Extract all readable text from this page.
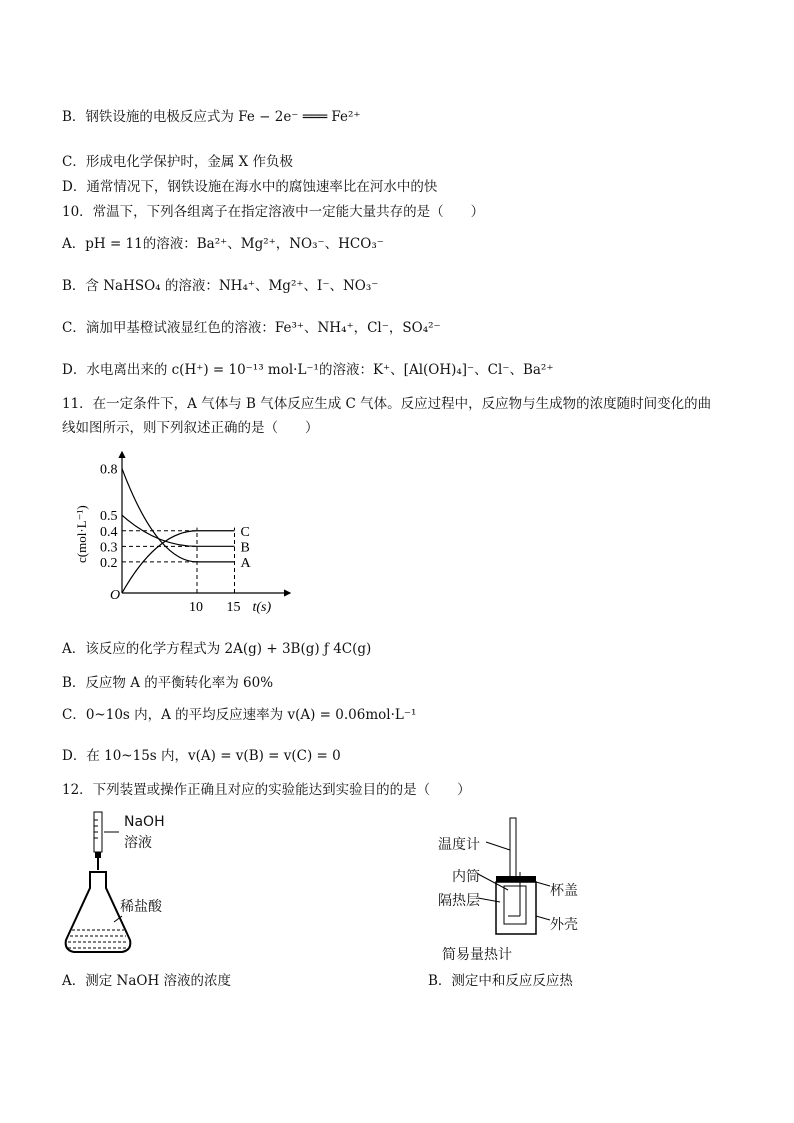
B．钢铁设施的电极反应式为 Fe − 2e⁻ ═══ Fe²⁺
C．形成电化学保护时，金属 X 作负极
D．通常情况下，钢铁设施在海水中的腐蚀速率比在河水中的快
10．常温下，下列各组离子在指定溶液中一定能大量共存的是（　　）
A．pH = 11的溶液：Ba²⁺、Mg²⁺，NO₃⁻、HCO₃⁻
B．含 NaHSO₄ 的溶液：NH₄⁺、Mg²⁺、I⁻、NO₃⁻
C．滴加甲基橙试液显红色的溶液：Fe³⁺、NH₄⁺，Cl⁻，SO₄²⁻
D．水电离出来的 c(H⁺) = 10⁻¹³ mol·L⁻¹的溶液：K⁺、[Al(OH)₄]⁻、Cl⁻、Ba²⁺
11．在一定条件下，A 气体与 B 气体反应生成 C 气体。反应过程中，反应物与生成物的浓度随时间变化的曲
线如图所示，则下列叙述正确的是（　　）
A．该反应的化学方程式为 2A(g) + 3B(g) ƒ 4C(g)
B．反应物 A 的平衡转化率为 60%
C．0~10s 内，A 的平均反应速率为 v(A) = 0.06mol·L⁻¹
D．在 10~15s 内，v(A) = v(B) = v(C) = 0
12．下列装置或操作正确且对应的实验能达到实验目的的是（　　）
O
0.8
0.5
0.4
0.3
0.2
10 15 t(s)
c(mol·L⁻¹)
A
B
C
NaOH
溶液
稀盐酸
A．测定 NaOH 溶液的浓度
温度计
内筒
隔热层
杯盖
外壳
简易量热计
B．测定中和反应反应热
